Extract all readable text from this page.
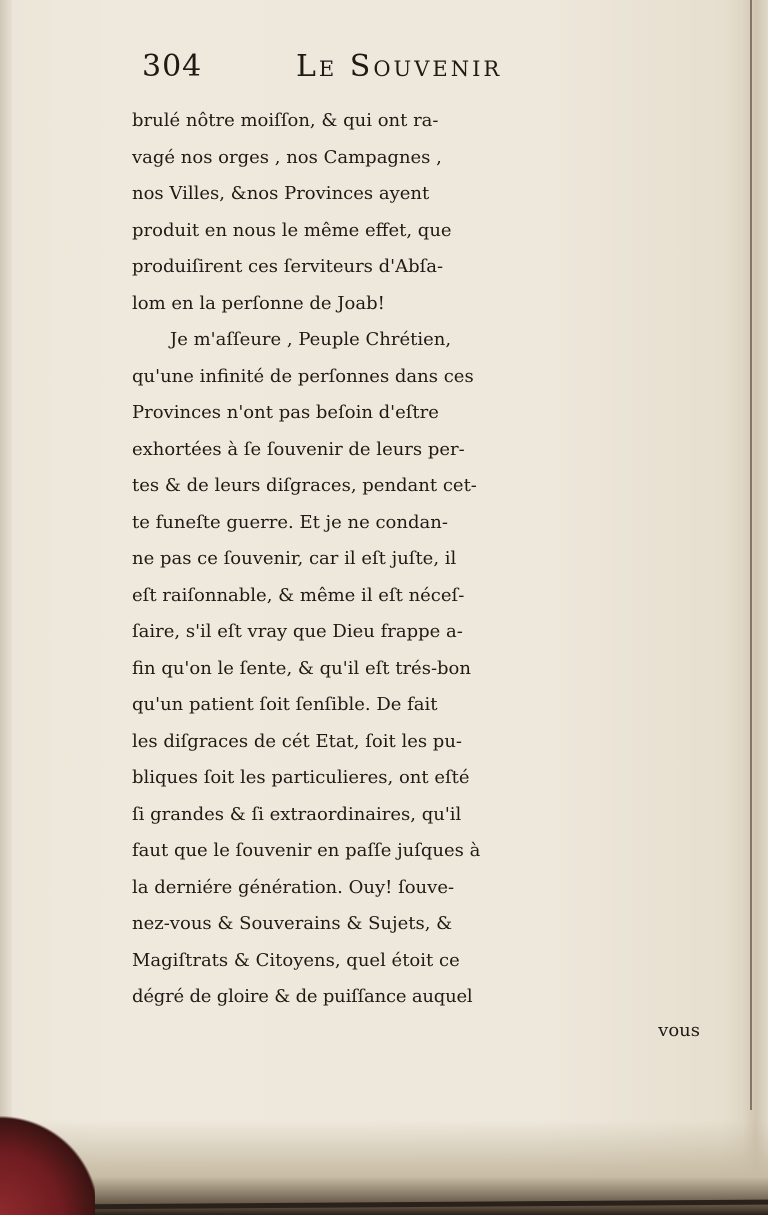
304	Le Souvenir
brulé nôtre moiſſon, & qui ont ra-
vagé nos orges , nos Campagnes ,
nos Villes, &nos Provinces ayent
produit en nous le même effet, que
produiſirent ces ſerviteurs d'Abſa-
lom en la perſonne de Joab!
Je m'aſſeure , Peuple Chrétien,
qu'une infinité de perſonnes dans ces
Provinces n'ont pas beſoin d'eſtre
exhortées à ſe ſouvenir de leurs per-
tes & de leurs diſgraces, pendant cet-
te funeſte guerre. Et je ne condan-
ne pas ce ſouvenir, car il eſt juſte, il
eſt raiſonnable, & même il eſt néceſ-
ſaire, s'il eſt vray que Dieu frappe a-
fin qu'on le ſente, & qu'il eſt trés-bon
qu'un patient ſoit ſenſible. De fait
les diſgraces de cét Etat, ſoit les pu-
bliques ſoit les particulieres, ont eſté
ſi grandes & ſi extraordinaires, qu'il
faut que le ſouvenir en paſſe juſques à
la derniére génération. Ouy! ſouve-
nez-vous & Souverains & Sujets, &
Magiſtrats & Citoyens, quel étoit ce
dégré de gloire & de puiſſance auquel
vous
